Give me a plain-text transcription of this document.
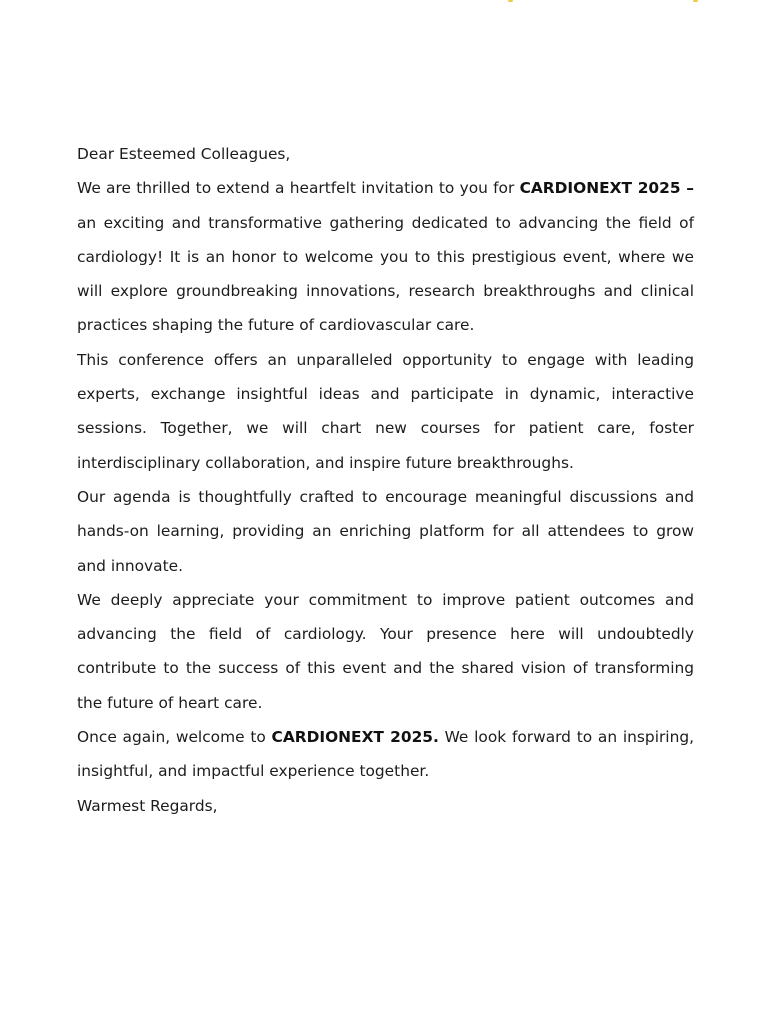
Dear Esteemed Colleagues,

We are thrilled to extend a heartfelt invitation to you for CARDIONEXT 2025 – an exciting and transformative gathering dedicated to advancing the field of cardiology! It is an honor to welcome you to this prestigious event, where we will explore groundbreaking innovations, research breakthroughs and clinical practices shaping the future of cardiovascular care.

This conference offers an unparalleled opportunity to engage with leading experts, exchange insightful ideas and participate in dynamic, interactive sessions. Together, we will chart new courses for patient care, foster interdisciplinary collaboration, and inspire future breakthroughs.

Our agenda is thoughtfully crafted to encourage meaningful discussions and hands-on learning, providing an enriching platform for all attendees to grow and innovate.

We deeply appreciate your commitment to improve patient outcomes and advancing the field of cardiology. Your presence here will undoubtedly contribute to the success of this event and the shared vision of transforming the future of heart care.

Once again, welcome to CARDIONEXT 2025. We look forward to an inspiring, insightful, and impactful experience together.

Warmest Regards,
